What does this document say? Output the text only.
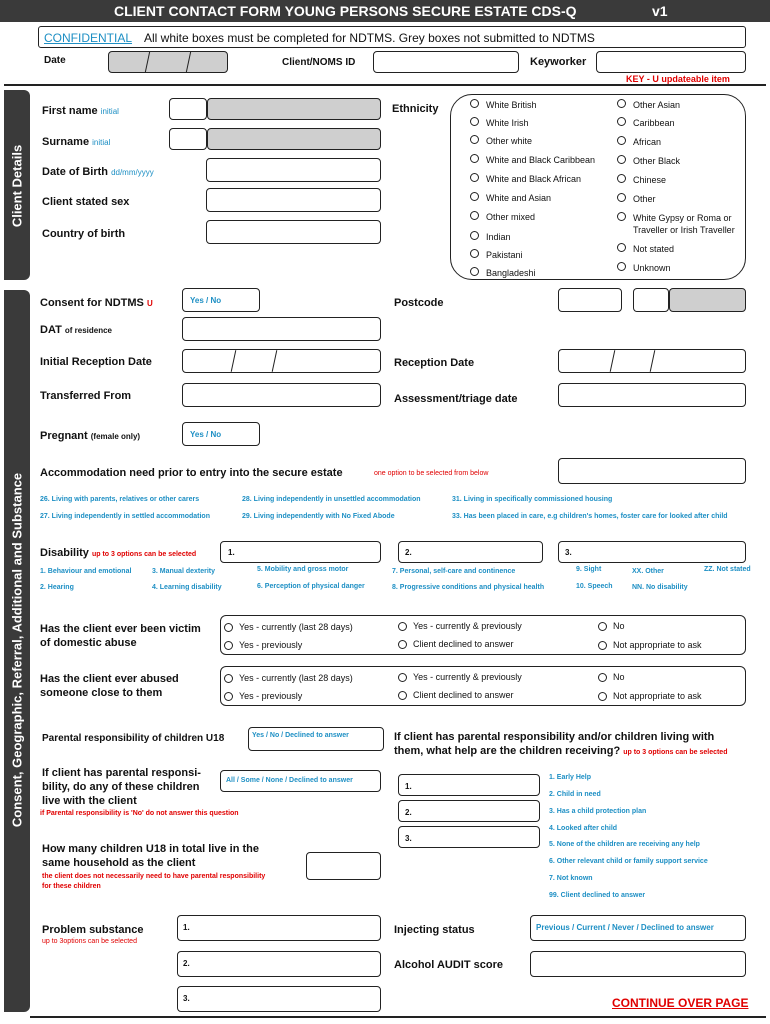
CLIENT CONTACT FORM YOUNG PERSONS SECURE ESTATE CDS-Q	v1
CONFIDENTIAL All white boxes must be completed for NDTMS. Grey boxes not submitted to NDTMS
Date	Client/NOMS ID	Keyworker
KEY - U updateable item
Client Details
First name initial
Surname initial
Date of Birth dd/mm/yyyy
Client stated sex
Country of birth
Ethnicity	White British
White Irish
Other white
White and Black Caribbean
White and Black African
White and Asian
Other mixed
Indian
Pakistani
Bangladeshi
Other Asian
Caribbean
African
Other Black
Chinese
Other
White Gypsy or Roma or
Not stated
Unknown
Traveller or Irish Traveller
Consent, Geographic, Referral, Additional and Substance
Consent for NDTMS U	Yes / No	Postcode
DAT of residence
Initial Reception Date	Reception Date
Transferred From	Assessment/triage date
Pregnant (female only)	Yes / No
Accommodation need prior to entry into the secure estate	one option to be selected from below
26. Living with parents, relatives or other carers	28. Living independently in unsettled accommodation	31. Living in specifically commissioned housing
27. Living independently in settled accommodation	29. Living independently with No Fixed Abode	33. Has been placed in care, e.g children's homes, foster care for looked after child
Disability up to 3 options can be selected	1.	2.	3.
1. Behaviour and emotional	3. Manual dexterity	5. Mobility and gross motor	7. Personal, self-care and continence	9. Sight	XX. Other	ZZ. Not stated
2. Hearing	4. Learning disability	6. Perception of physical danger	8. Progressive conditions and physical health	10. Speech	NN. No disability
Has the client ever been victim
of domestic abuse
Yes - currently (last 28 days)
Yes - previously
Yes - currently & previously
Client declined to answer
No
Not appropriate to ask
Has the client ever abused
someone close to them
Yes - currently (last 28 days)
Yes - previously
Yes - currently & previously
Client declined to answer
No
Not appropriate to ask
Parental responsibility of children U18	Yes / No / Declined to answer	If client has parental responsibility and/or children living with
them, what help are the children receiving? up to 3 options can be selected
If client has parental responsi-
bility, do any of these children
live with the client
All / Some / None / Declined to answer
if Parental responsibility is 'No' do not answer this question
1.
2.
3.
1. Early Help
2. Child in need
3. Has a child protection plan
4. Looked after child
5. None of the children are receiving any help
6. Other relevant child or family support service
7. Not known
99. Client declined to answer
How many children U18 in total live in the
same household as the client
the client does not necessarily need to have parental responsibility
for these children
Problem substance
up to 3options can be selected
1.
2.
3.
Injecting status	Previous / Current / Never / Declined to answer
Alcohol AUDIT score
CONTINUE OVER PAGE
